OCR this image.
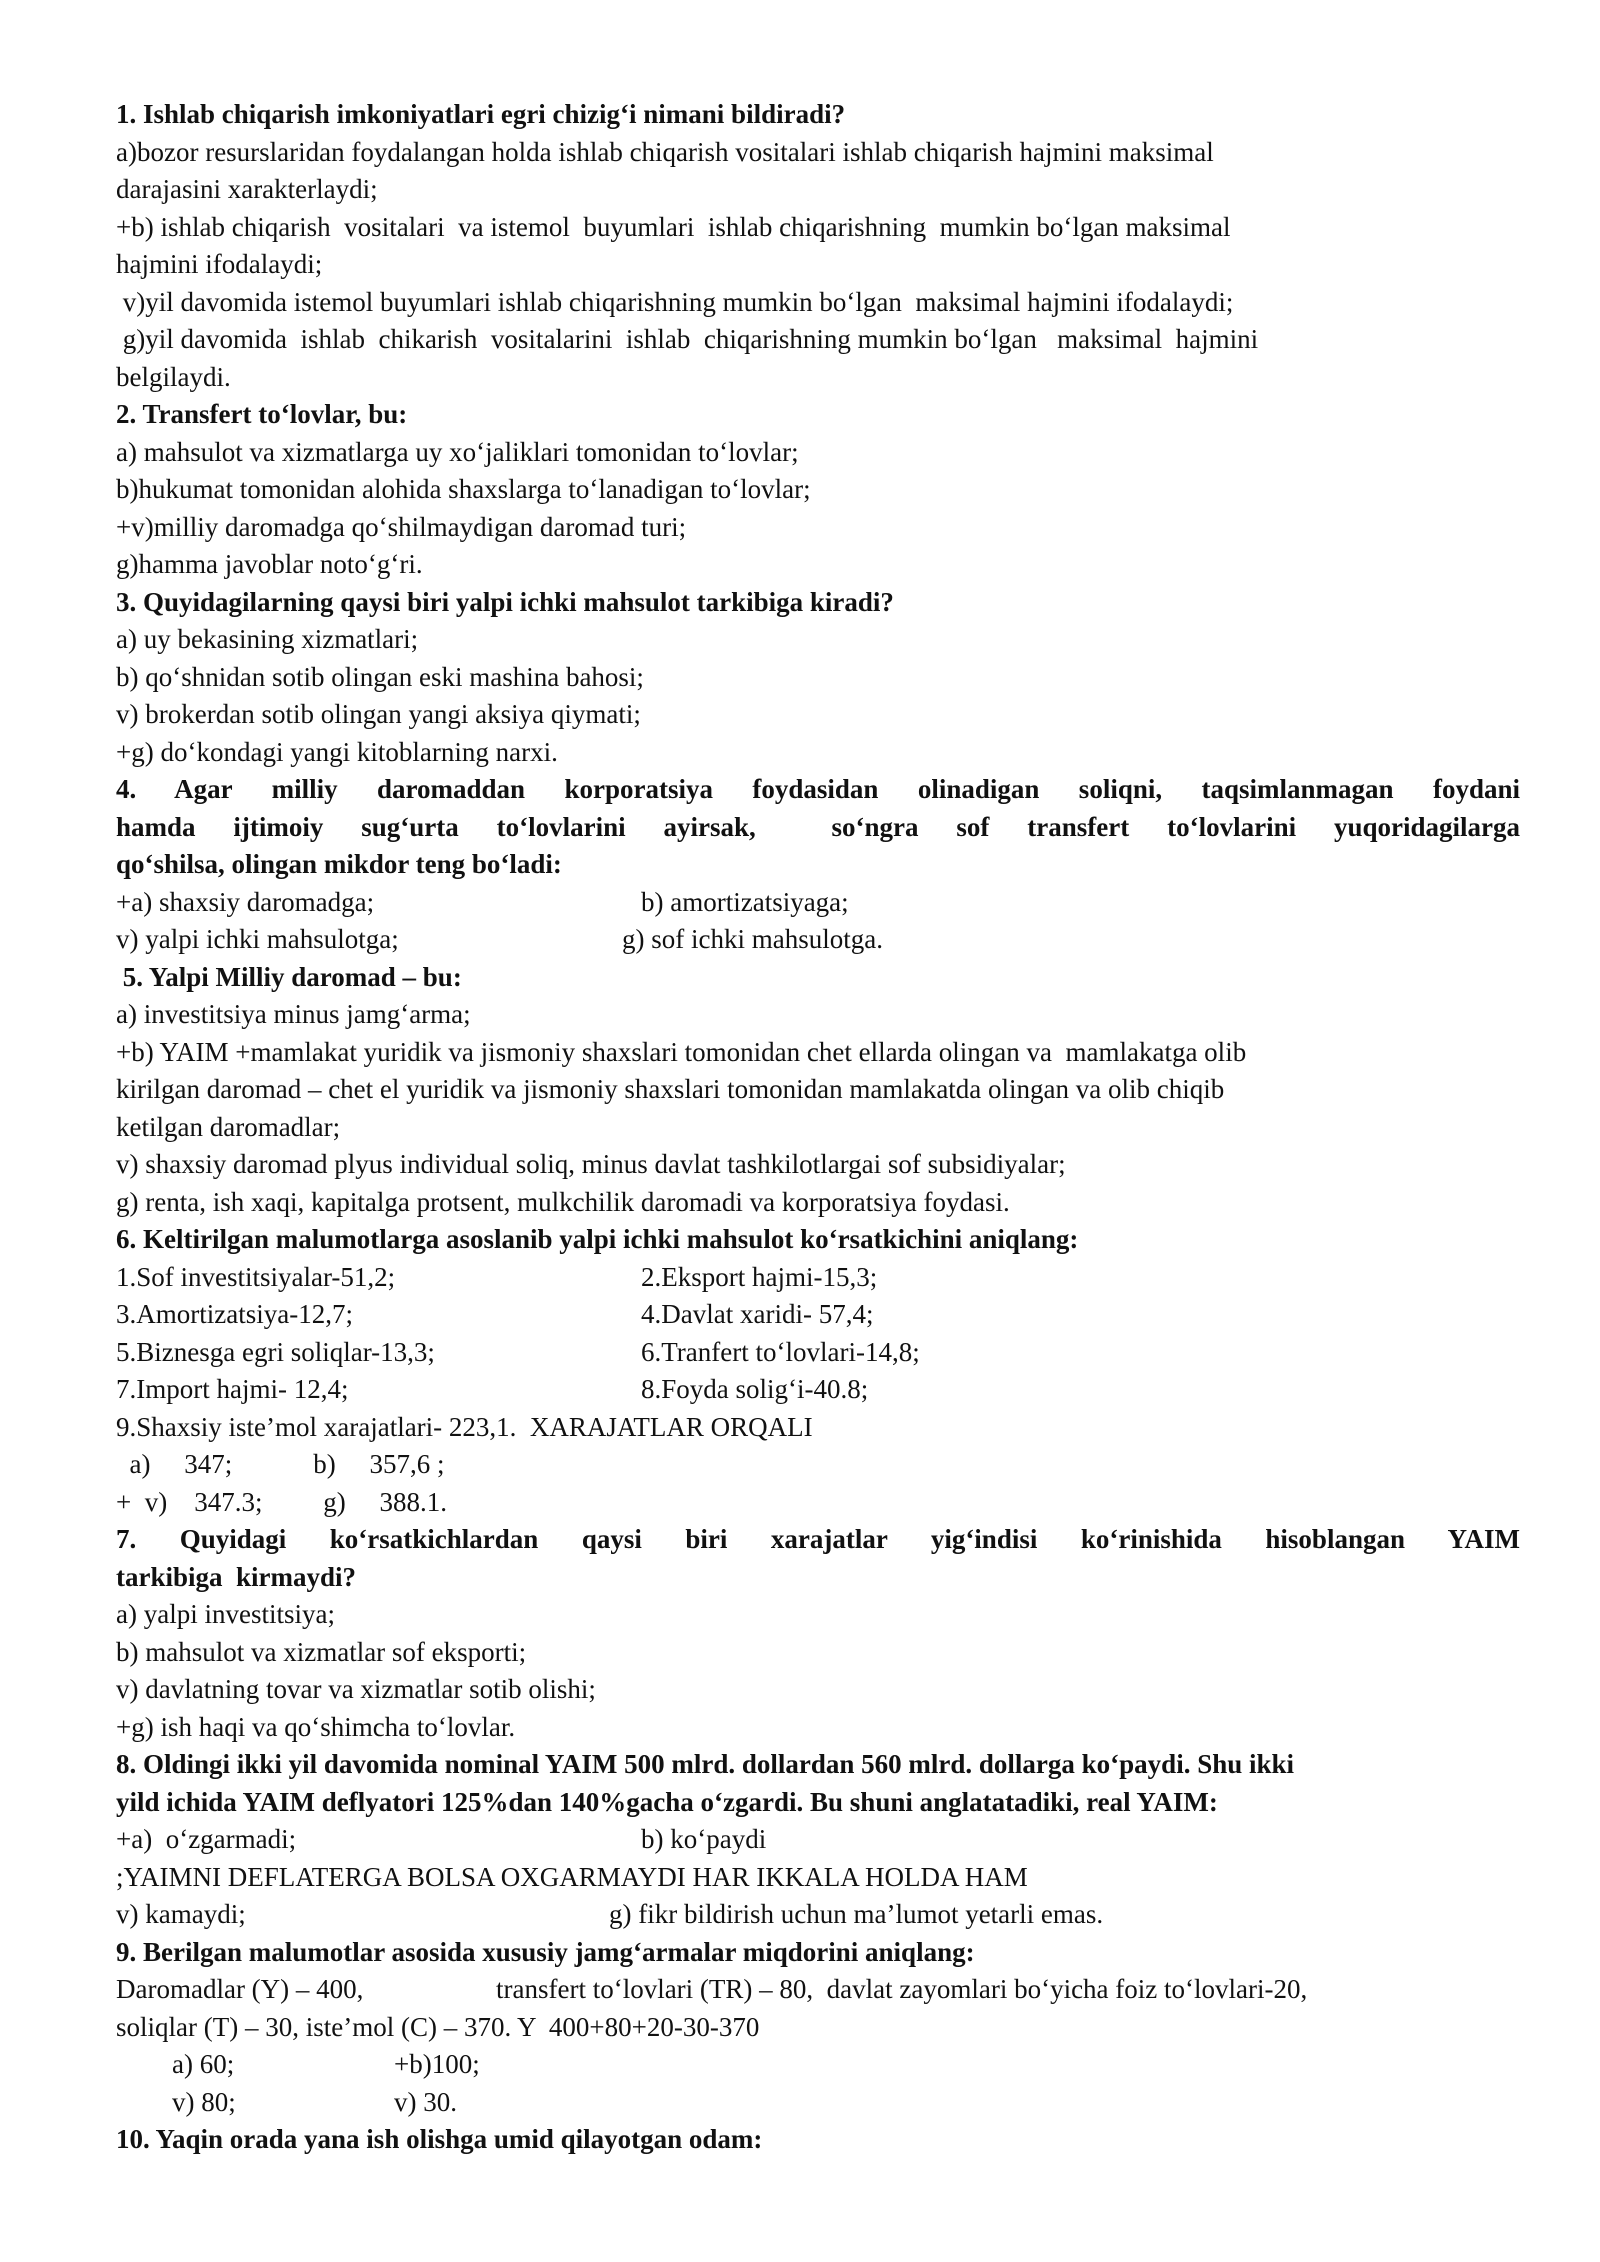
1. Ishlab chiqarish imkoniyatlari egri chizig‘i nimani bildiradi?

a)bozor resurslaridan foydalangan holda ishlab chiqarish vositalari ishlab chiqarish hajmini maksimal

darajasini xarakterlaydi;

+b) ishlab chiqarish  vositalari  va istemol  buyumlari  ishlab chiqarishning  mumkin bo‘lgan maksimal

hajmini ifodalaydi;

v)yil davomida istemol buyumlari ishlab chiqarishning mumkin bo‘lgan  maksimal hajmini ifodalaydi;

g)yil davomida  ishlab  chikarish  vositalarini  ishlab  chiqarishning mumkin bo‘lgan   maksimal  hajmini

belgilaydi.

2. Transfert to‘lovlar, bu:

a) mahsulot va xizmatlarga uy xo‘jaliklari tomonidan to‘lovlar;

b)hukumat tomonidan alohida shaxslarga to‘lanadigan to‘lovlar;

+v)milliy daromadga qo‘shilmaydigan daromad turi;

g)hamma javoblar noto‘g‘ri.

3. Quyidagilarning qaysi biri yalpi ichki mahsulot tarkibiga kiradi?

a) uy bekasining xizmatlari;

b) qo‘shnidan sotib olingan eski mashina bahosi;

v) brokerdan sotib olingan yangi aksiya qiymati;

+g) do‘kondagi yangi kitoblarning narxi.

4. Agar milliy daromaddan korporatsiya foydasidan olinadigan soliqni, taqsimlanmagan foydani

hamda ijtimoiy sug‘urta to‘lovlarini ayirsak,  so‘ngra sof transfert to‘lovlarini yuqoridagilarga

qo‘shilsa, olingan mikdor teng bo‘ladi:

+a) shaxsiy daromadga;	b) amortizatsiyaga;
v) yalpi ichki mahsulotga;	g) sof ichki mahsulotga.

5. Yalpi Milliy daromad – bu:

a) investitsiya minus jamg‘arma;

+b) YAIM +mamlakat yuridik va jismoniy shaxslari tomonidan chet ellarda olingan va  mamlakatga olib

kirilgan daromad – chet el yuridik va jismoniy shaxslari tomonidan mamlakatda olingan va olib chiqib

ketilgan daromadlar;

v) shaxsiy daromad plyus individual soliq, minus davlat tashkilotlargai sof subsidiyalar;

g) renta, ish xaqi, kapitalga protsent, mulkchilik daromadi va korporatsiya foydasi.

6. Keltirilgan malumotlarga asoslanib yalpi ichki mahsulot ko‘rsatkichini aniqlang:

1.Sof investitsiyalar-51,2;	2.Eksport hajmi-15,3;
3.Amortizatsiya-12,7;	4.Davlat xaridi- 57,4;
5.Biznesga egri soliqlar-13,3;	6.Tranfert to‘lovlari-14,8;
7.Import hajmi- 12,4;	8.Foyda solig‘i-40.8;

9.Shaxsiy iste’mol xarajatlari- 223,1.  XARAJATLAR ORQALI

a)     347;            b)     357,6 ;

+  v)    347.3;         g)     388.1.

7. Quyidagi ko‘rsatkichlardan qaysi biri xarajatlar yig‘indisi ko‘rinishida hisoblangan YAIM

tarkibiga  kirmaydi?

a) yalpi investitsiya;

b) mahsulot va xizmatlar sof eksporti;

v) davlatning tovar va xizmatlar sotib olishi;

+g) ish haqi va qo‘shimcha to‘lovlar.

8. Oldingi ikki yil davomida nominal YAIM 500 mlrd. dollardan 560 mlrd. dollarga ko‘paydi. Shu ikki

yild ichida YAIM deflyatori 125%dan 140%gacha o‘zgardi. Bu shuni anglatatadiki, real YAIM:

+a)  o‘zgarmadi;	b) ko‘paydi

;YAIMNI DEFLATERGA BOLSA OXGARMAYDI HAR IKKALA HOLDA HAM

v) kamaydi;	g) fikr bildirish uchun ma’lumot yetarli emas.

9. Berilgan malumotlar asosida xususiy jamg‘armalar miqdorini aniqlang:

Daromadlar (Y) – 400,	transfert to‘lovlari (TR) – 80,  davlat zayomlari bo‘yicha foiz to‘lovlari-20,

soliqlar (T) – 30, iste’mol (C) – 370. Y  400+80+20-30-370

a) 60;	+b)100;
v) 80;	v) 30.

10. Yaqin orada yana ish olishga umid qilayotgan odam:
